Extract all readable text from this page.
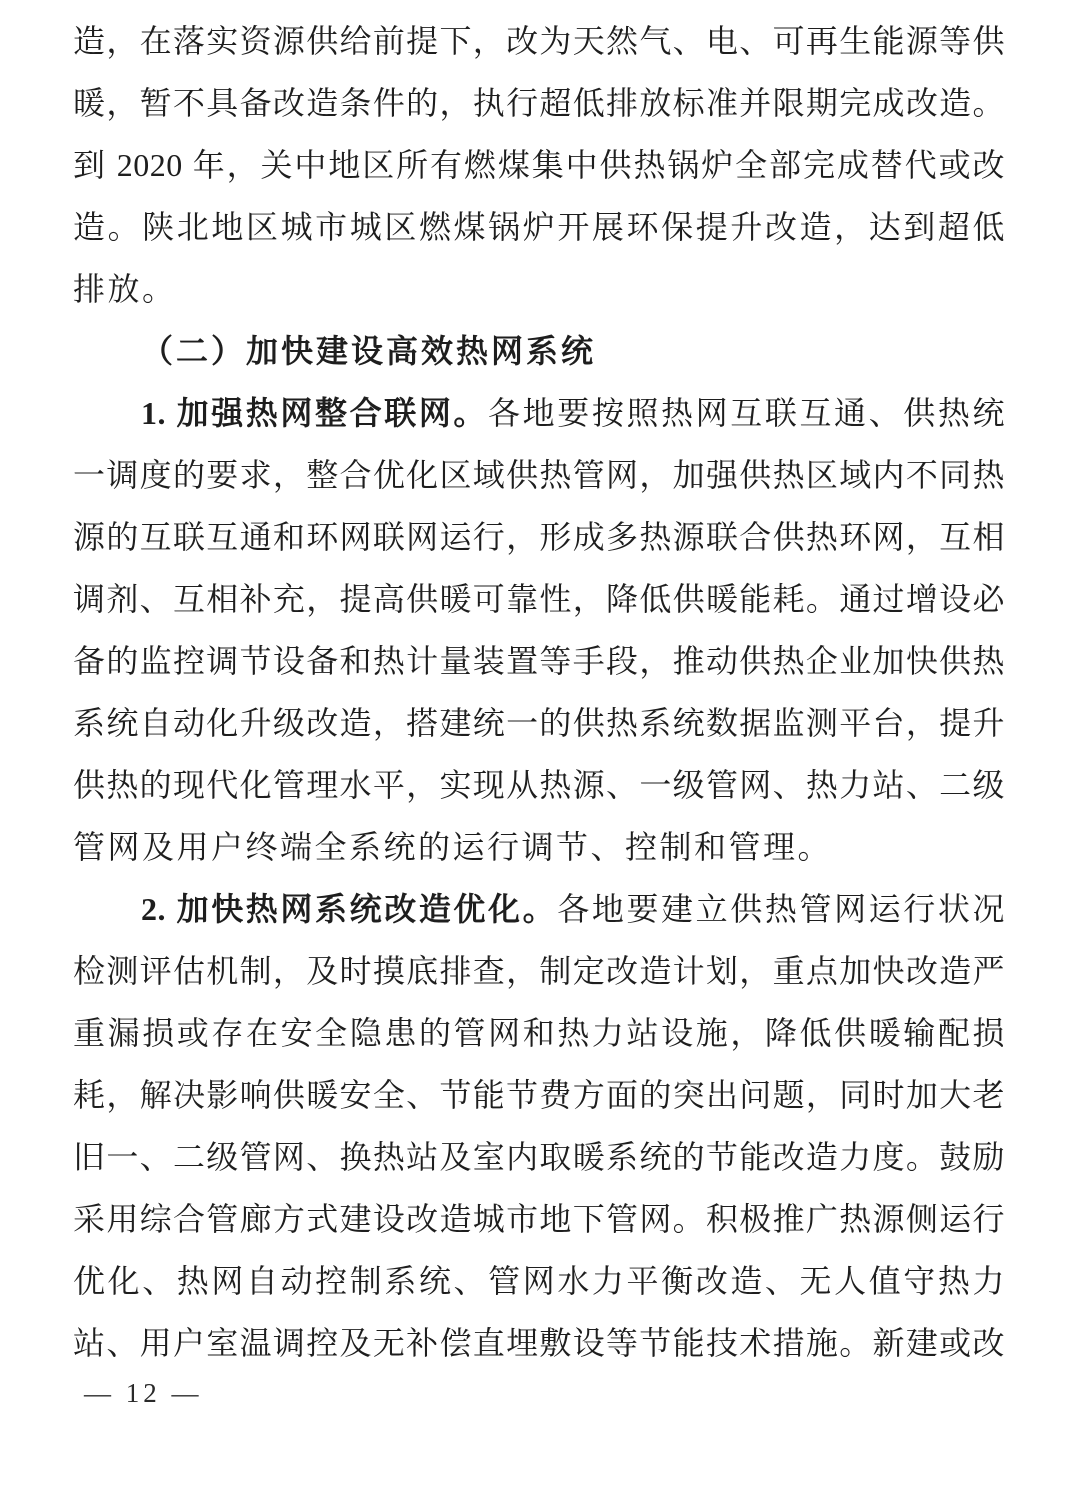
造，在落实资源供给前提下，改为天然气、电、可再生能源等供
暖，暂不具备改造条件的，执行超低排放标准并限期完成改造。
到 2020 年，关中地区所有燃煤集中供热锅炉全部完成替代或改
造。陕北地区城市城区燃煤锅炉开展环保提升改造，达到超低
排放。
（二）加快建设高效热网系统
1. 加强热网整合联网。各地要按照热网互联互通、供热统
一调度的要求，整合优化区域供热管网，加强供热区域内不同热
源的互联互通和环网联网运行，形成多热源联合供热环网，互相
调剂、互相补充，提高供暖可靠性，降低供暖能耗。通过增设必
备的监控调节设备和热计量装置等手段，推动供热企业加快供热
系统自动化升级改造，搭建统一的供热系统数据监测平台，提升
供热的现代化管理水平，实现从热源、一级管网、热力站、二级
管网及用户终端全系统的运行调节、控制和管理。
2. 加快热网系统改造优化。各地要建立供热管网运行状况
检测评估机制，及时摸底排查，制定改造计划，重点加快改造严
重漏损或存在安全隐患的管网和热力站设施，降低供暖输配损
耗，解决影响供暖安全、节能节费方面的突出问题，同时加大老
旧一、二级管网、换热站及室内取暖系统的节能改造力度。鼓励
采用综合管廊方式建设改造城市地下管网。积极推广热源侧运行
优化、热网自动控制系统、管网水力平衡改造、无人值守热力
站、用户室温调控及无补偿直埋敷设等节能技术措施。新建或改
— 12 —
